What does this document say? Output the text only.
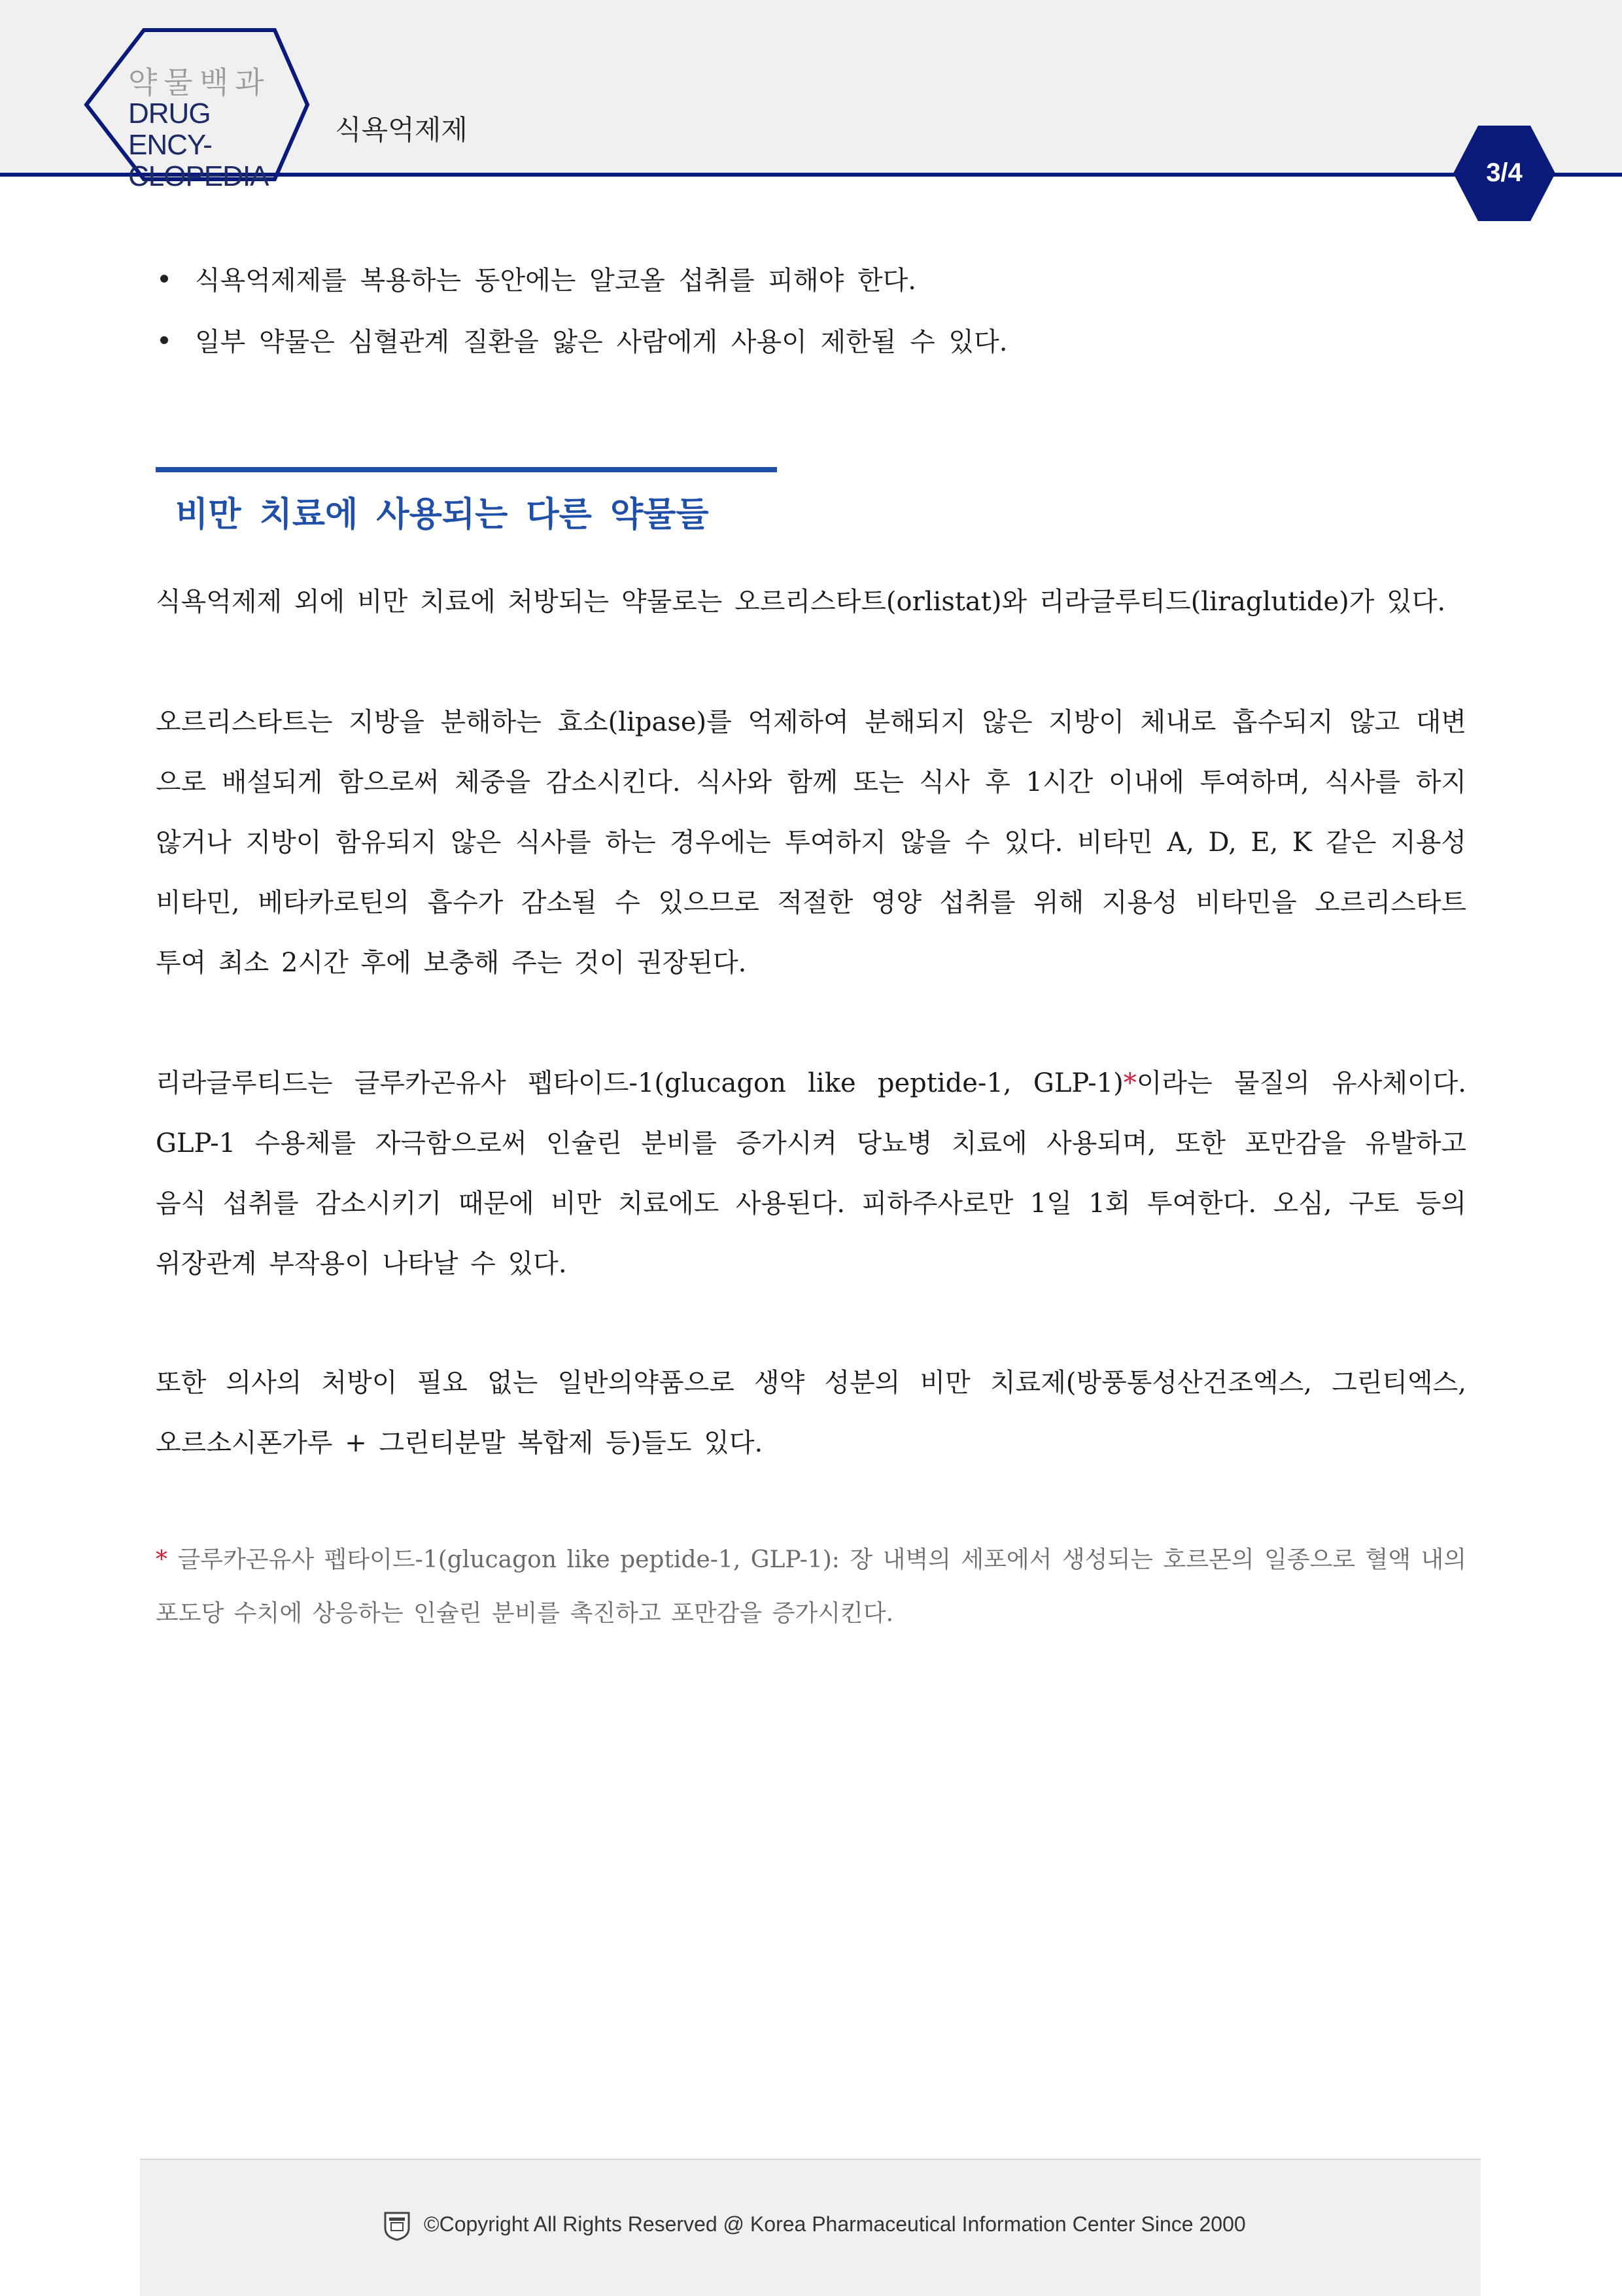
약물백과
DRUG ENCY-
CLOPEDIA
식욕억제제
3/4
식욕억제제를 복용하는 동안에는 알코올 섭취를 피해야 한다.
일부 약물은 심혈관계 질환을 앓은 사람에게 사용이 제한될 수 있다.
비만 치료에 사용되는 다른 약물들
식욕억제제 외에 비만 치료에 처방되는 약물로는 오르리스타트(orlistat)와 리라글루티드(liraglutide)가 있다.
오르리스타트는 지방을 분해하는 효소(lipase)를 억제하여 분해되지 않은 지방이 체내로 흡수되지 않고 대변
으로 배설되게 함으로써 체중을 감소시킨다. 식사와 함께 또는 식사 후 1시간 이내에 투여하며, 식사를 하지
않거나 지방이 함유되지 않은 식사를 하는 경우에는 투여하지 않을 수 있다. 비타민 A, D, E, K 같은 지용성
비타민, 베타카로틴의 흡수가 감소될 수 있으므로 적절한 영양 섭취를 위해 지용성 비타민을 오르리스타트
투여 최소 2시간 후에 보충해 주는 것이 권장된다.
리라글루티드는 글루카곤유사 펩타이드-1(glucagon like peptide-1, GLP-1)*이라는 물질의 유사체이다.
GLP-1 수용체를 자극함으로써 인슐린 분비를 증가시켜 당뇨병 치료에 사용되며, 또한 포만감을 유발하고
음식 섭취를 감소시키기 때문에 비만 치료에도 사용된다. 피하주사로만 1일 1회 투여한다. 오심, 구토 등의
위장관계 부작용이 나타날 수 있다.
또한 의사의 처방이 필요 없는 일반의약품으로 생약 성분의 비만 치료제(방풍통성산건조엑스, 그린티엑스,
오르소시폰가루 + 그린티분말 복합제 등)들도 있다.
* 글루카곤유사 펩타이드-1(glucagon like peptide-1, GLP-1): 장 내벽의 세포에서 생성되는 호르몬의 일종으로 혈액 내의
포도당 수치에 상응하는 인슐린 분비를 촉진하고 포만감을 증가시킨다.
©Copyright All Rights Reserved @ Korea Pharmaceutical Information Center Since 2000
